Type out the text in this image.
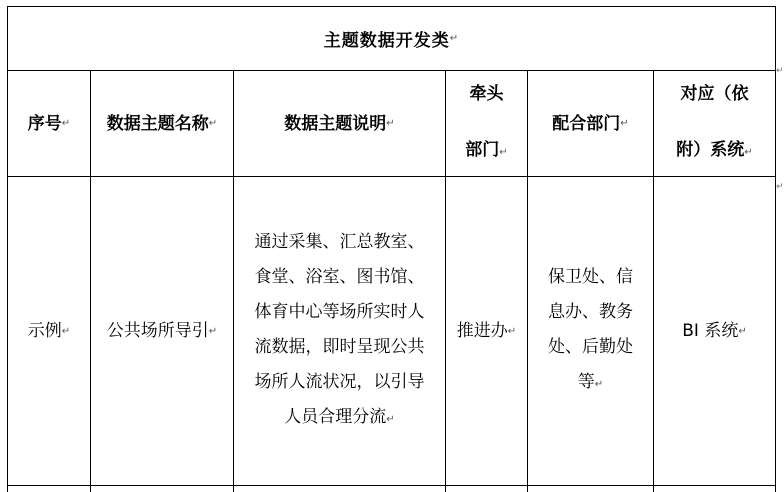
主题数据开发类 ↵
序号 ↵ 数据主题名称 ↵	数据主题说明 ↵
牵头部门↵
配合部门 ↵
对应（依附）系统↵
示例 ↵ 公共场所导引 ↵
通过采集、汇总教室、食堂、浴室、图书馆、体育中心等场所实时人流数据，即时呈现公共场所人流状况，以引导人员合理分流↵
推进办 ↵
保卫处、信息办、教务处、后勤处等↵
BI 系统 ↵
↵
↵
